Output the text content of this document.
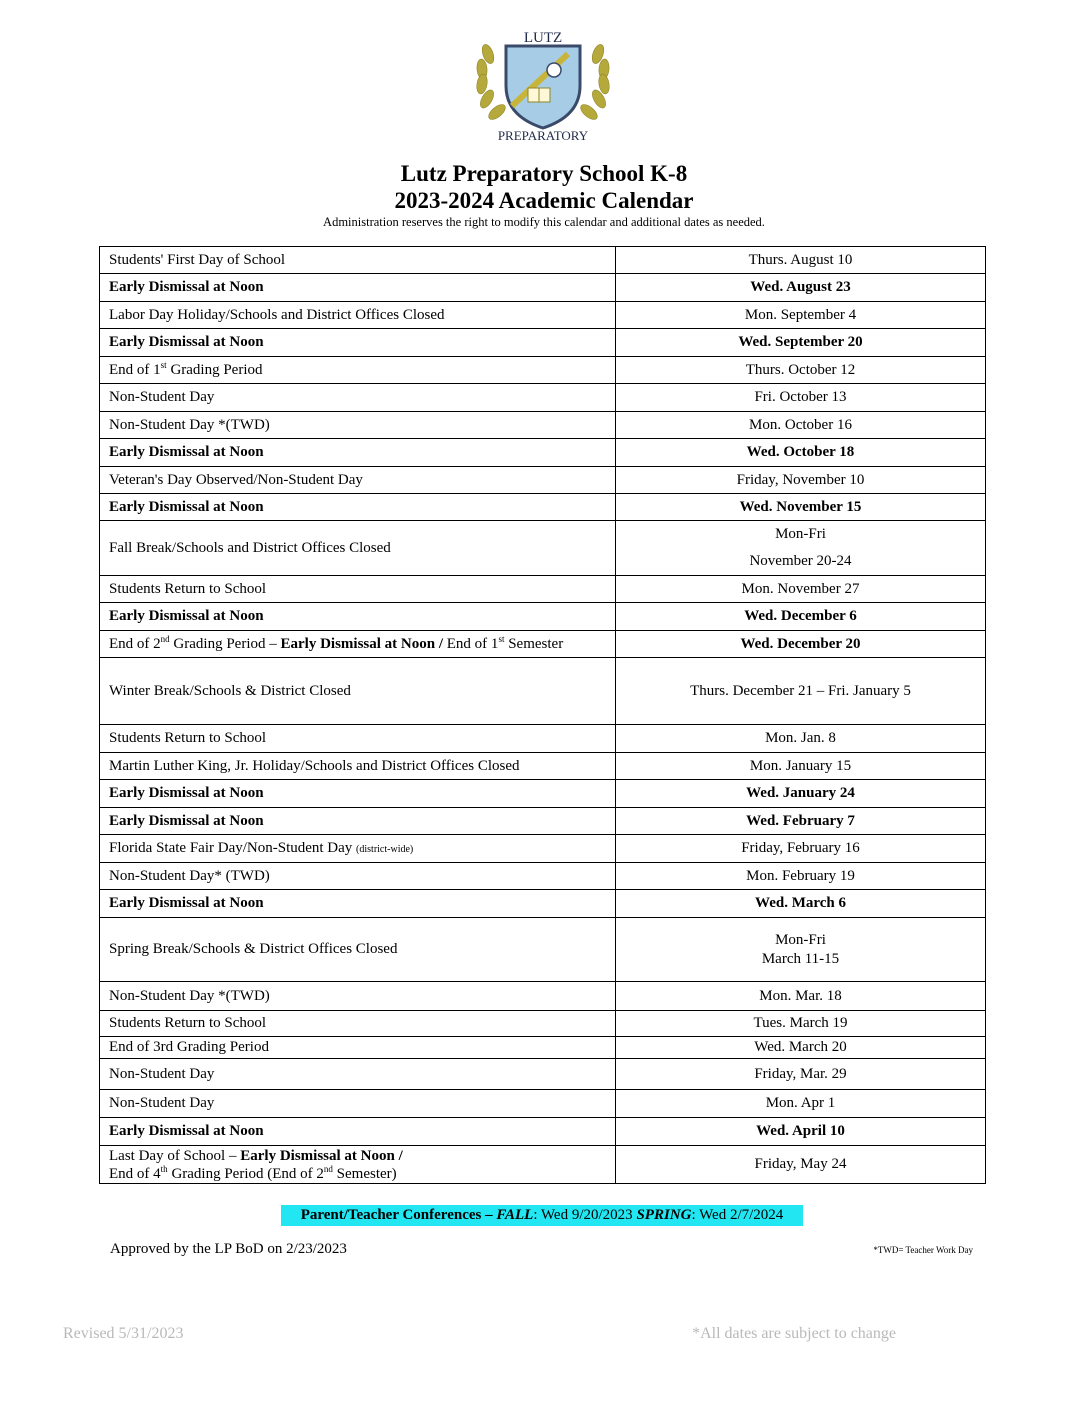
LUTZ
PREPARATORY
Lutz Preparatory School K-8
2023-2024 Academic Calendar
Administration reserves the right to modify this calendar and additional dates as needed.
Students' First Day of School	Thurs. August 10
Early Dismissal at Noon	Wed. August 23
Labor Day Holiday/Schools and District Offices Closed	Mon. September 4
Early Dismissal at Noon	Wed. September 20
End of 1st Grading Period	Thurs. October 12
Non-Student Day	Fri. October 13
Non-Student Day *(TWD)	Mon. October 16
Early Dismissal at Noon	Wed. October 18
Veteran's Day Observed/Non-Student Day	Friday, November 10
Early Dismissal at Noon	Wed. November 15
Fall Break/Schools and District Offices Closed	Mon-Fri
November 20-24

Students Return to School	Mon. November 27
Early Dismissal at Noon	Wed. December 6
End of 2nd Grading Period – Early Dismissal at Noon / End of 1st Semester	Wed. December 20
Winter Break/Schools & District Closed	Thurs. December 21 – Fri. January 5
Students Return to School	Mon. Jan. 8
Martin Luther King, Jr. Holiday/Schools and District Offices Closed	Mon. January 15
Early Dismissal at Noon	Wed. January 24
Early Dismissal at Noon	Wed. February 7
Florida State Fair Day/Non-Student Day (district-wide)	Friday, February 16
Non-Student Day* (TWD)	Mon. February 19
Early Dismissal at Noon	Wed. March 6
Spring Break/Schools & District Offices Closed	Mon-Fri
March 11-15

Non-Student Day *(TWD)	Mon. Mar. 18
Students Return to School	Tues. March 19
End of 3rd Grading Period	Wed. March 20
Non-Student Day	Friday, Mar. 29
Non-Student Day	Mon. Apr 1
Early Dismissal at Noon	Wed. April 10
Last Day of School – Early Dismissal at Noon /
End of 4th Grading Period (End of 2nd Semester)	Friday, May 24
Parent/Teacher Conferences – FALL: Wed 9/20/2023 SPRING: Wed 2/7/2024
Approved by the LP BoD on 2/23/2023	*TWD= Teacher Work Day
Revised 5/31/2023	*All dates are subject to change
